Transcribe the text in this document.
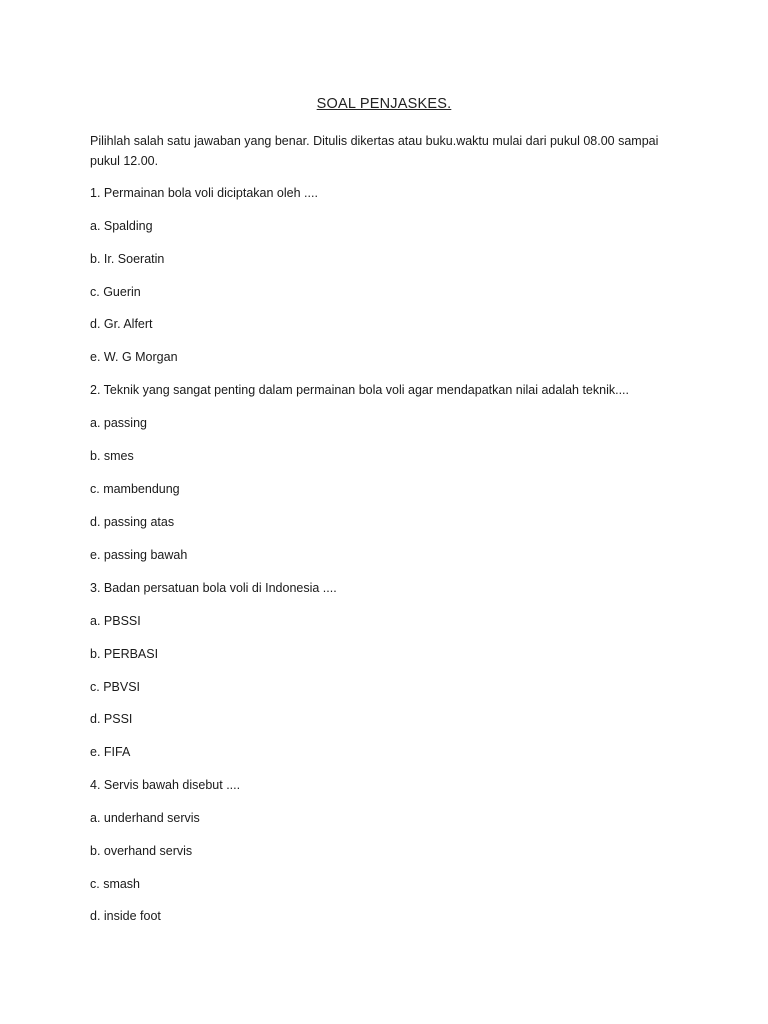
SOAL PENJASKES.
Pilihlah salah satu jawaban yang benar. Ditulis dikertas atau buku.waktu mulai dari pukul 08.00 sampai pukul 12.00.
1. Permainan bola voli diciptakan oleh ....
a. Spalding
b. Ir. Soeratin
c. Guerin
d. Gr. Alfert
e. W. G Morgan
2. Teknik yang sangat penting dalam permainan bola voli agar mendapatkan nilai adalah teknik....
a. passing
b. smes
c. mambendung
d. passing atas
e. passing bawah
3. Badan persatuan bola voli di Indonesia ....
a. PBSSI
b. PERBASI
c. PBVSI
d. PSSI
e. FIFA
4. Servis bawah disebut ....
a. underhand servis
b. overhand servis
c. smash
d. inside foot
